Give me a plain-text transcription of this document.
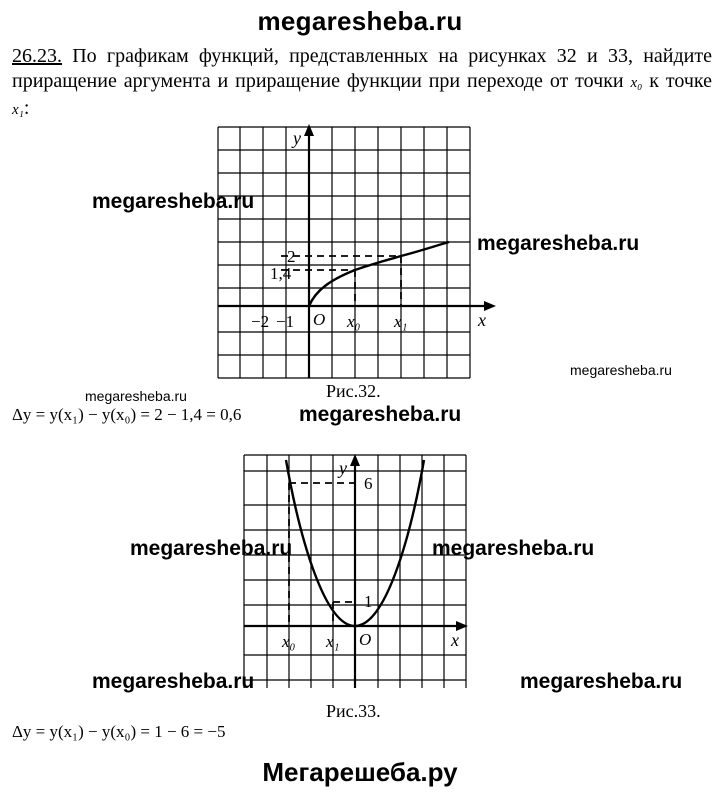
megaresheba.ru
26.23. По графикам функций, представленных на рисунках 32 и 33, найдите приращение аргумента и приращение функции при переходе от точки x₀ к точке x₁:
y
x
O
−2 −1	x₀ x₁
2
1,4
y
x
O
x₀ x₁
6
1
megaresheba.ru
megaresheba.ru
megaresheba.ru
megaresheba.ru
megaresheba.ru
Рис.32.
Δy = y(x₁) − y(x₀) = 2 − 1,4 = 0,6
megaresheba.ru	megaresheba.ru
megaresheba.ru	megaresheba.ru
Рис.33.
Δy = y(x₁) − y(x₀) = 1 − 6 = −5
Мегарешеба.ру
